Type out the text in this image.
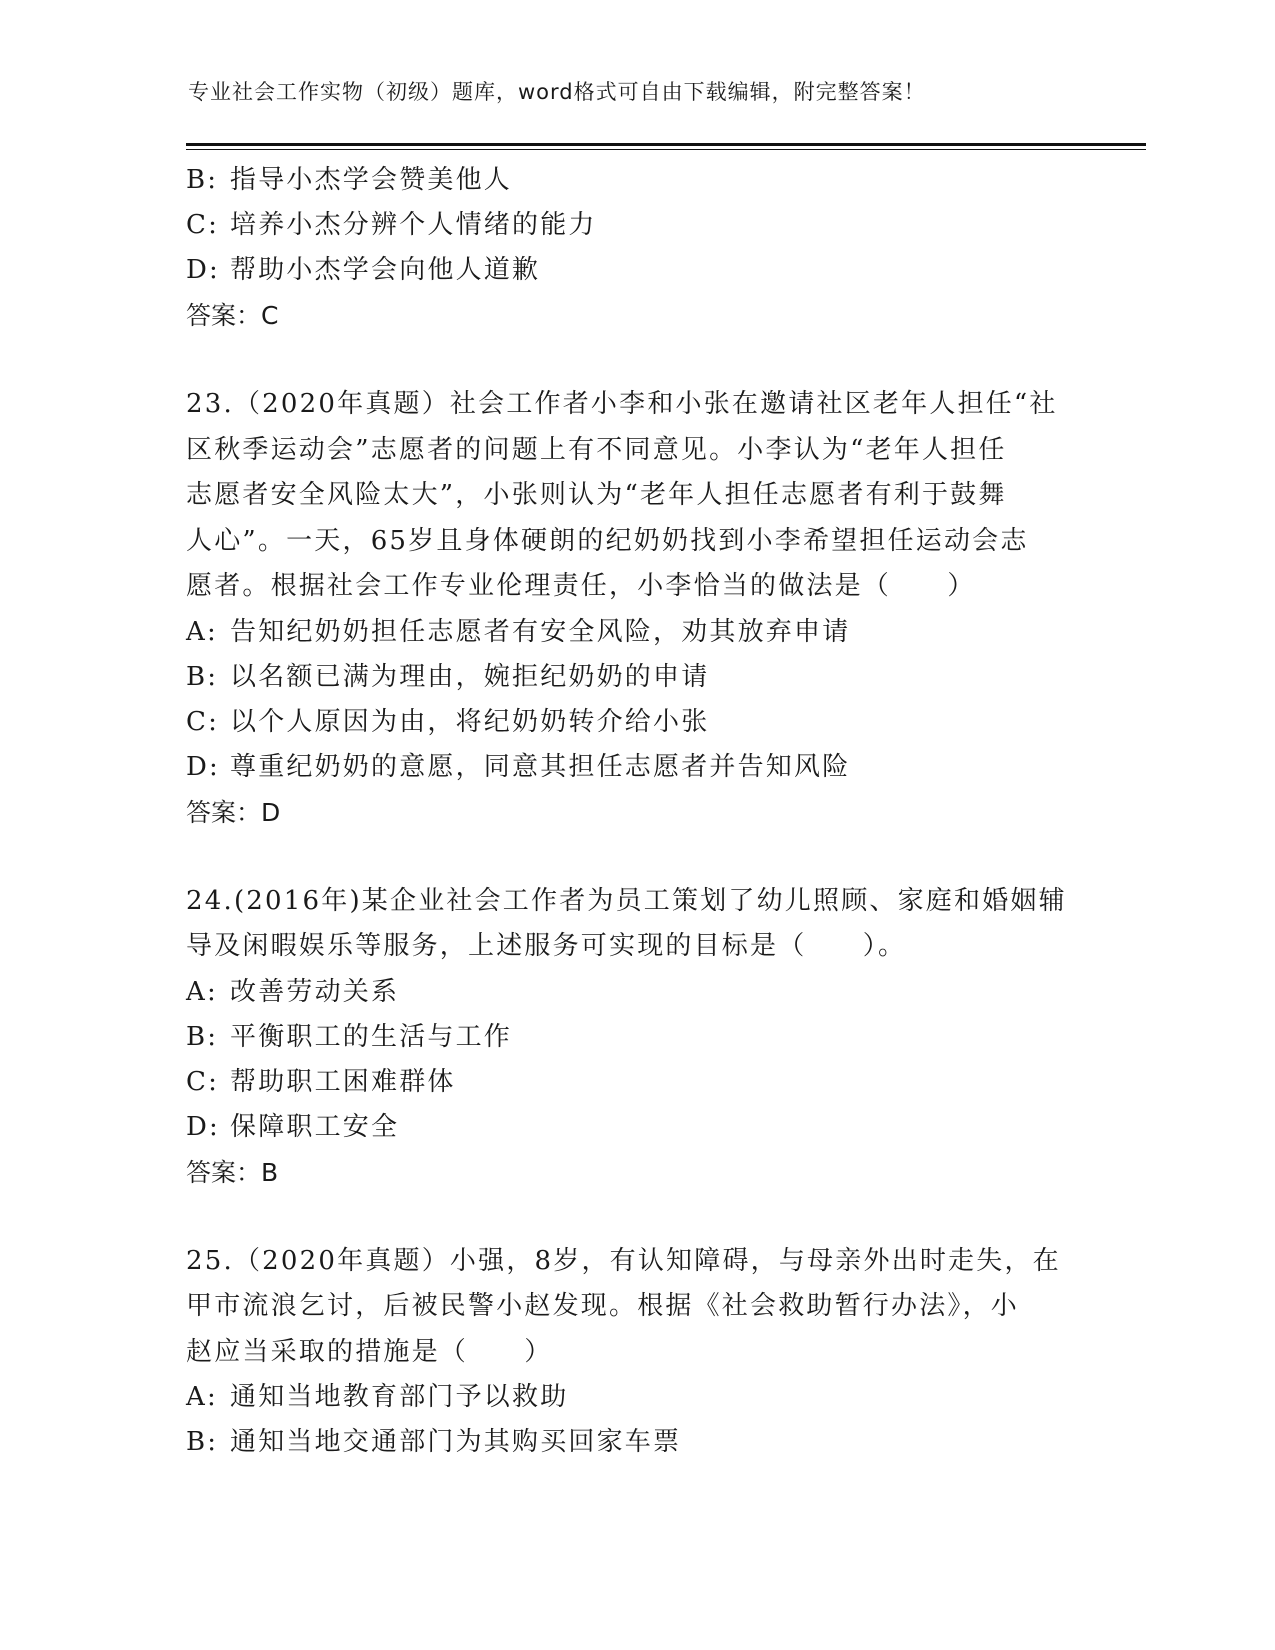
专业社会工作实物（初级）题库，word格式可自由下载编辑，附完整答案！
B: 指导小杰学会赞美他人
C: 培养小杰分辨个人情绪的能力
D: 帮助小杰学会向他人道歉
答案：C
23.（2020年真题）社会工作者小李和小张在邀请社区老年人担任“社
区秋季运动会”志愿者的问题上有不同意见。小李认为“老年人担任
志愿者安全风险太大”，小张则认为“老年人担任志愿者有利于鼓舞
人心”。一天，65岁且身体硬朗的纪奶奶找到小李希望担任运动会志
愿者。根据社会工作专业伦理责任，小李恰当的做法是（　　）
A: 告知纪奶奶担任志愿者有安全风险，劝其放弃申请
B: 以名额已满为理由，婉拒纪奶奶的申请
C: 以个人原因为由，将纪奶奶转介给小张
D: 尊重纪奶奶的意愿，同意其担任志愿者并告知风险
答案：D
24.(2016年)某企业社会工作者为员工策划了幼儿照顾、家庭和婚姻辅
导及闲暇娱乐等服务，上述服务可实现的目标是（　　）。
A: 改善劳动关系
B: 平衡职工的生活与工作
C: 帮助职工困难群体
D: 保障职工安全
答案：B
25.（2020年真题）小强，8岁，有认知障碍，与母亲外出时走失，在
甲市流浪乞讨，后被民警小赵发现。根据《社会救助暂行办法》，小
赵应当采取的措施是（　　）
A: 通知当地教育部门予以救助
B: 通知当地交通部门为其购买回家车票
